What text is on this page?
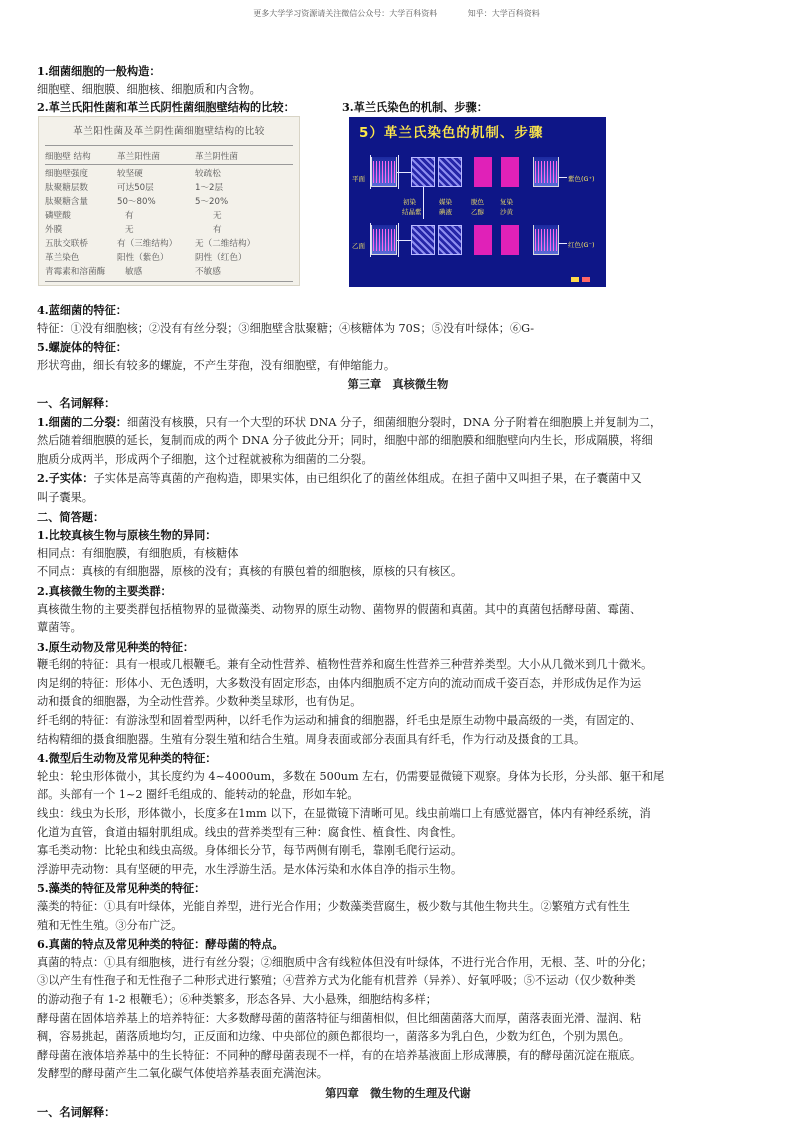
更多大学学习资源请关注微信公众号：大学百科资料	知乎：大学百科资料
1.细菌细胞的一般构造：
细胞壁、细胞膜、细胞核、细胞质和内含物。
2.革兰氏阳性菌和革兰氏阴性菌细胞壁结构的比较：	3.革兰氏染色的机制、步骤：
革兰阳性菌及革兰阴性菌细胞壁结构的比较
细胞壁 结构	革兰阳性菌	革兰阴性菌
细胞壁强度	较坚硬	较疏松
肽聚糖层数	可达50层	1～2层
肽聚糖含量	50～80%	5～20%
磷壁酸	有	无
外膜	无	有
五肽交联桥	有（三维结构） 无（二维结构）
革兰染色	阳性（紫色）	阴性（红色）
青霉素和溶菌酶 敏感	不敏感
5）革兰氏染色的机制、步骤
平面	紫色(G⁺)
初染
结晶紫
媒染
碘液
脱色
乙醇
复染
沙黄
乙面	红色(G⁻)
4.蓝细菌的特征：
特征：①没有细胞核；②没有有丝分裂；③细胞壁含肽聚糖；④核糖体为 70S；⑤没有叶绿体；⑥G-
5.螺旋体的特征：
形状弯曲，细长有较多的螺旋，不产生芽孢，没有细胞壁，有伸缩能力。
第三章　真核微生物
一、名词解释：
1.细菌的二分裂：细菌没有核膜，只有一个大型的环状 DNA 分子，细菌细胞分裂时，DNA 分子附着在细胞膜上并复制为二，
然后随着细胞膜的延长，复制而成的两个 DNA 分子彼此分开；同时，细胞中部的细胞膜和细胞壁向内生长，形成隔膜，将细
胞质分成两半，形成两个子细胞，这个过程就被称为细菌的二分裂。
2.子实体：子实体是高等真菌的产孢构造，即果实体，由已组织化了的菌丝体组成。在担子菌中又叫担子果，在子囊菌中又
叫子囊果。
二、简答题：
1.比较真核生物与原核生物的异同：
相同点：有细胞膜，有细胞质，有核糖体
不同点：真核的有细胞器，原核的没有；真核的有膜包着的细胞核，原核的只有核区。
2.真核微生物的主要类群：
真核微生物的主要类群包括植物界的显微藻类、动物界的原生动物、菌物界的假菌和真菌。其中的真菌包括酵母菌、霉菌、
蕈菌等。
3.原生动物及常见种类的特征：
鞭毛纲的特征：具有一根或几根鞭毛。兼有全动性营养、植物性营养和腐生性营养三种营养类型。大小从几微米到几十微米。
肉足纲的特征：形体小、无色透明，大多数没有固定形态，由体内细胞质不定方向的流动而成千姿百态，并形成伪足作为运
动和摄食的细胞器，为全动性营养。少数种类呈球形，也有伪足。
纤毛纲的特征：有游泳型和固着型两种，以纤毛作为运动和捕食的细胞器，纤毛虫是原生动物中最高级的一类，有固定的、
结构精细的摄食细胞器。生殖有分裂生殖和结合生殖。周身表面或部分表面具有纤毛，作为行动及摄食的工具。
4.微型后生动物及常见种类的特征：
轮虫：轮虫形体微小，其长度约为 4~4000um，多数在 500um 左右，仍需要显微镜下观察。身体为长形，分头部、躯干和尾
部。头部有一个 1~2 圈纤毛组成的、能转动的轮盘，形如车轮。
线虫：线虫为长形，形体微小，长度多在1mm 以下，在显微镜下清晰可见。线虫前端口上有感觉器官，体内有神经系统，消
化道为直管，食道由辐射肌组成。线虫的营养类型有三种：腐食性、植食性、肉食性。
寡毛类动物：比轮虫和线虫高级。身体细长分节，每节两侧有刚毛，靠刚毛爬行运动。
浮游甲壳动物：具有坚硬的甲壳，水生浮游生活。是水体污染和水体自净的指示生物。
5.藻类的特征及常见种类的特征：
藻类的特征：①具有叶绿体，光能自养型，进行光合作用；少数藻类营腐生，极少数与其他生物共生。②繁殖方式有性生
殖和无性生殖。③分布广泛。
6.真菌的特点及常见种类的特征：酵母菌的特点。
真菌的特点：①具有细胞核，进行有丝分裂；②细胞质中含有线粒体但没有叶绿体，不进行光合作用，无根、茎、叶的分化；
③以产生有性孢子和无性孢子二种形式进行繁殖；④营养方式为化能有机营养（异养）、好氧呼吸；⑤不运动（仅少数种类
的游动孢子有 1-2 根鞭毛）；⑥种类繁多，形态各异、大小悬殊，细胞结构多样；
酵母菌在固体培养基上的培养特征：大多数酵母菌的菌落特征与细菌相似，但比细菌菌落大而厚，菌落表面光滑、湿润、粘
稠，容易挑起，菌落质地均匀，正反面和边缘、中央部位的颜色都很均一，菌落多为乳白色，少数为红色，个别为黑色。
酵母菌在液体培养基中的生长特征：不同种的酵母菌表现不一样，有的在培养基液面上形成薄膜，有的酵母菌沉淀在瓶底。
发酵型的酵母菌产生二氧化碳气体使培养基表面充满泡沫。
第四章　微生物的生理及代谢
一、名词解释：
